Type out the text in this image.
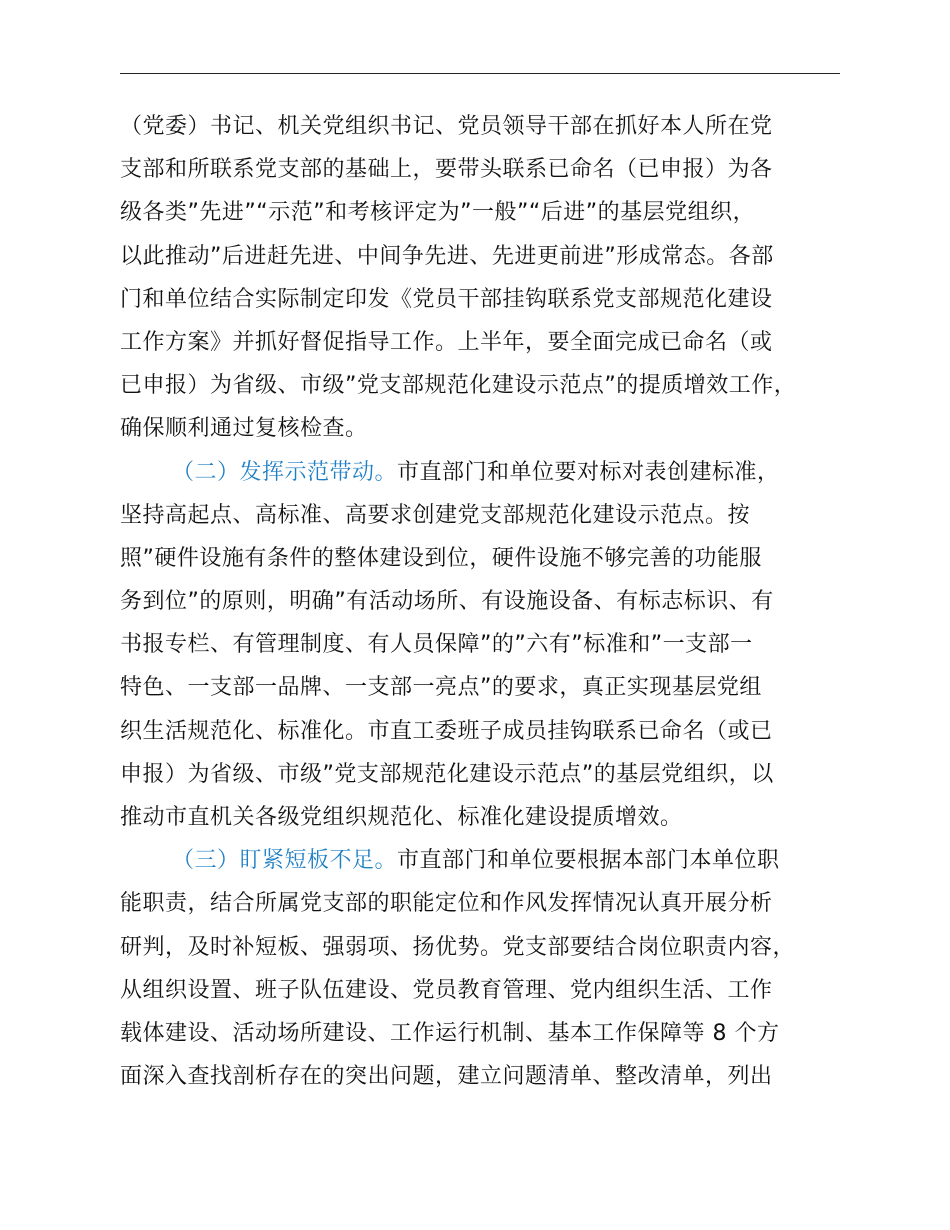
（党委）书记、机关党组织书记、党员领导干部在抓好本人所在党
支部和所联系党支部的基础上，要带头联系已命名（已申报）为各
级各类”先进”“示范”和考核评定为”一般”“后进”的基层党组织，
以此推动”后进赶先进、中间争先进、先进更前进”形成常态。各部
门和单位结合实际制定印发《党员干部挂钩联系党支部规范化建设
工作方案》并抓好督促指导工作。上半年，要全面完成已命名（或
已申报）为省级、市级”党支部规范化建设示范点”的提质增效工作，
确保顺利通过复核检查。
（二）发挥示范带动。市直部门和单位要对标对表创建标准，
坚持高起点、高标准、高要求创建党支部规范化建设示范点。按
照”硬件设施有条件的整体建设到位，硬件设施不够完善的功能服
务到位”的原则，明确”有活动场所、有设施设备、有标志标识、有
书报专栏、有管理制度、有人员保障”的”六有”标准和”一支部一
特色、一支部一品牌、一支部一亮点”的要求，真正实现基层党组
织生活规范化、标准化。市直工委班子成员挂钩联系已命名（或已
申报）为省级、市级”党支部规范化建设示范点”的基层党组织，以
推动市直机关各级党组织规范化、标准化建设提质增效。
（三）盯紧短板不足。市直部门和单位要根据本部门本单位职
能职责，结合所属党支部的职能定位和作风发挥情况认真开展分析
研判，及时补短板、强弱项、扬优势。党支部要结合岗位职责内容，
从组织设置、班子队伍建设、党员教育管理、党内组织生活、工作
载体建设、活动场所建设、工作运行机制、基本工作保障等 8 个方
面深入查找剖析存在的突出问题，建立问题清单、整改清单，列出
